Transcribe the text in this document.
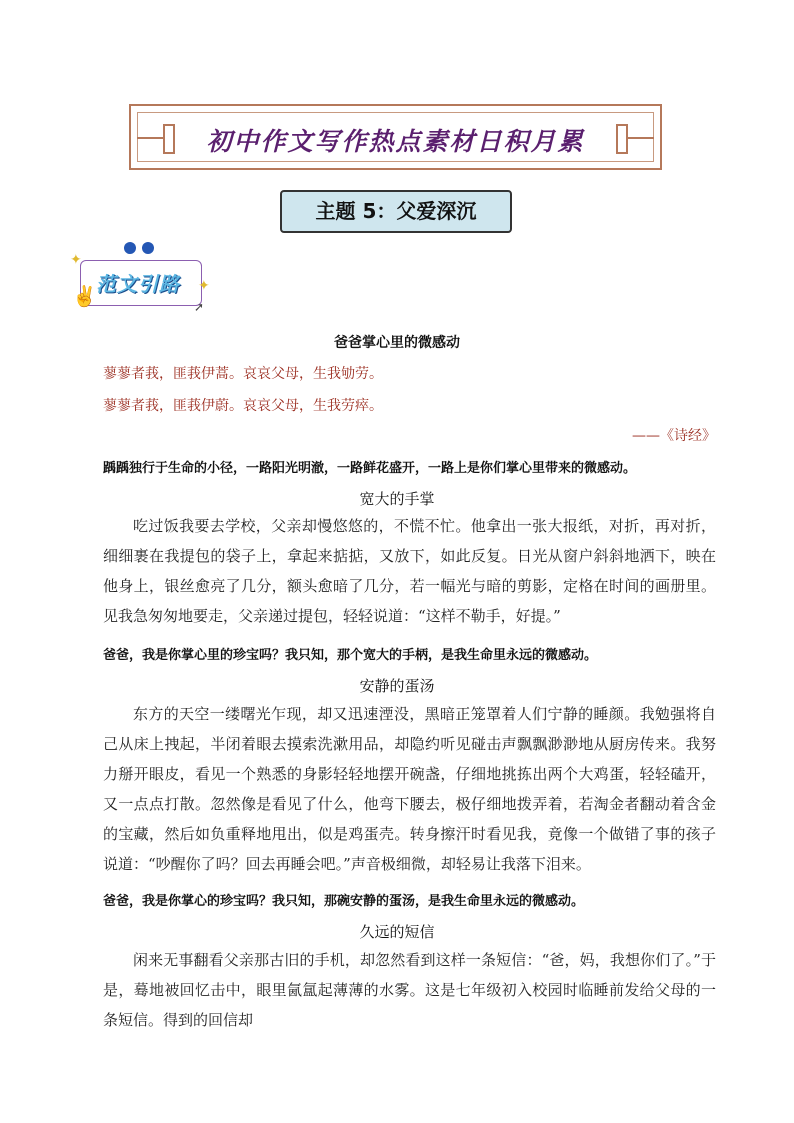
初中作文写作热点素材日积月累
主题 5：父爱深沉
✦
✦
✌ 范文引路
➚
爸爸掌心里的微感动
蓼蓼者莪，匪莪伊蒿。哀哀父母，生我劬劳。
蓼蓼者莪，匪莪伊蔚。哀哀父母，生我劳瘁。
——《诗经》
踽踽独行于生命的小径，一路阳光明澈，一路鲜花盛开，一路上是你们掌心里带来的微感动。
宽大的手掌

吃过饭我要去学校，父亲却慢悠悠的，不慌不忙。他拿出一张大报纸，对折，再对折，细细裹在我提包的袋子上，拿起来掂掂，又放下，如此反复。日光从窗户斜斜地洒下，映在他身上，银丝愈亮了几分，额头愈暗了几分，若一幅光与暗的剪影，定格在时间的画册里。见我急匆匆地要走，父亲递过提包，轻轻说道：“这样不勒手，好提。”

爸爸，我是你掌心里的珍宝吗？我只知，那个宽大的手柄，是我生命里永远的微感动。
安静的蛋汤

东方的天空一缕曙光乍现，却又迅速湮没，黑暗正笼罩着人们宁静的睡颜。我勉强将自己从床上拽起，半闭着眼去摸索洗漱用品，却隐约听见碰击声飘飘渺渺地从厨房传来。我努力掰开眼皮，看见一个熟悉的身影轻轻地摆开碗盏，仔细地挑拣出两个大鸡蛋，轻轻磕开，又一点点打散。忽然像是看见了什么，他弯下腰去，极仔细地拨弄着，若淘金者翻动着含金的宝藏，然后如负重释地甩出，似是鸡蛋壳。转身擦汗时看见我，竟像一个做错了事的孩子说道：“吵醒你了吗？回去再睡会吧。”声音极细微，却轻易让我落下泪来。

爸爸，我是你掌心的珍宝吗？我只知，那碗安静的蛋汤，是我生命里永远的微感动。
久远的短信

闲来无事翻看父亲那古旧的手机，却忽然看到这样一条短信：“爸，妈，我想你们了。”于是，蓦地被回忆击中，眼里氤氲起薄薄的水雾。这是七年级初入校园时临睡前发给父母的一条短信。得到的回信却
